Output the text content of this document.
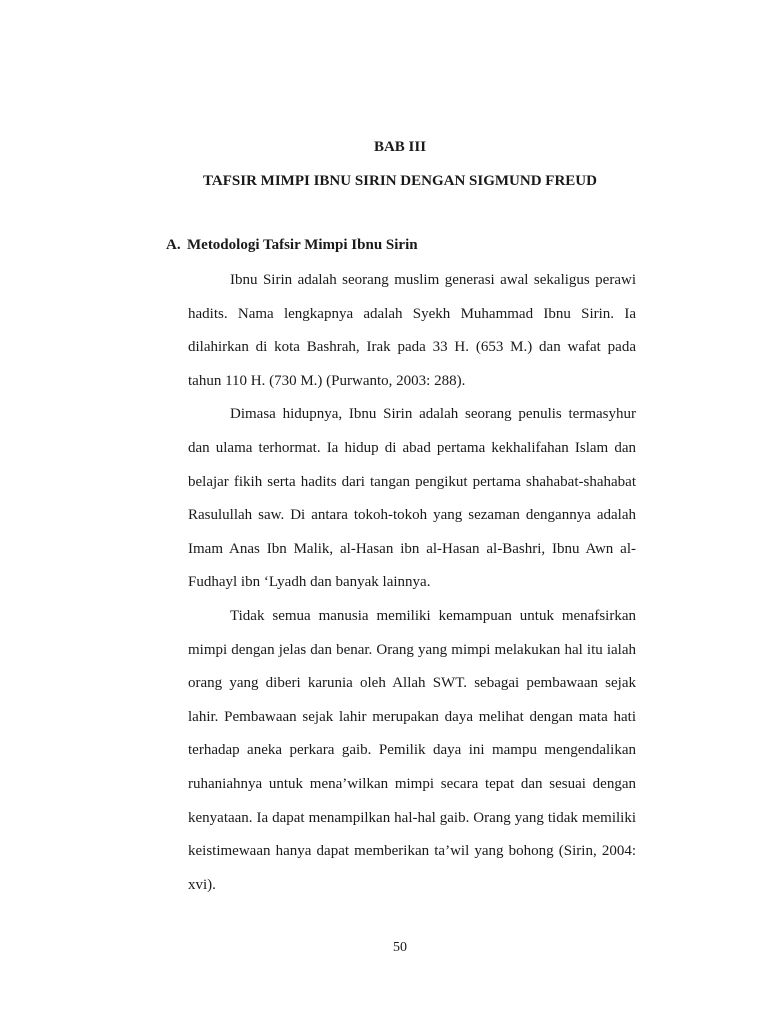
BAB III
TAFSIR MIMPI IBNU SIRIN DENGAN SIGMUND FREUD
A. Metodologi Tafsir Mimpi Ibnu Sirin

Ibnu Sirin adalah seorang muslim generasi awal sekaligus perawi hadits. Nama lengkapnya adalah Syekh Muhammad Ibnu Sirin. Ia dilahirkan di kota Bashrah, Irak pada 33 H. (653 M.) dan wafat pada tahun 110 H. (730 M.) (Purwanto, 2003: 288).

Dimasa hidupnya, Ibnu Sirin adalah seorang penulis termasyhur dan ulama terhormat. Ia hidup di abad pertama kekhalifahan Islam dan belajar fikih serta hadits dari tangan pengikut pertama shahabat-shahabat Rasulullah saw. Di antara tokoh-tokoh yang sezaman dengannya adalah Imam Anas Ibn Malik, al-Hasan ibn al-Hasan al-Bashri, Ibnu Awn al-Fudhayl ibn ‘Lyadh dan banyak lainnya.

Tidak semua manusia memiliki kemampuan untuk menafsirkan mimpi dengan jelas dan benar. Orang yang mimpi melakukan hal itu ialah orang yang diberi karunia oleh Allah SWT. sebagai pembawaan sejak lahir. Pembawaan sejak lahir merupakan daya melihat dengan mata hati terhadap aneka perkara gaib. Pemilik daya ini mampu mengendalikan ruhaniahnya untuk mena’wilkan mimpi secara tepat dan sesuai dengan kenyataan. Ia dapat menampilkan hal-hal gaib. Orang yang tidak memiliki keistimewaan hanya dapat memberikan ta’wil yang bohong (Sirin, 2004: xvi).

50
